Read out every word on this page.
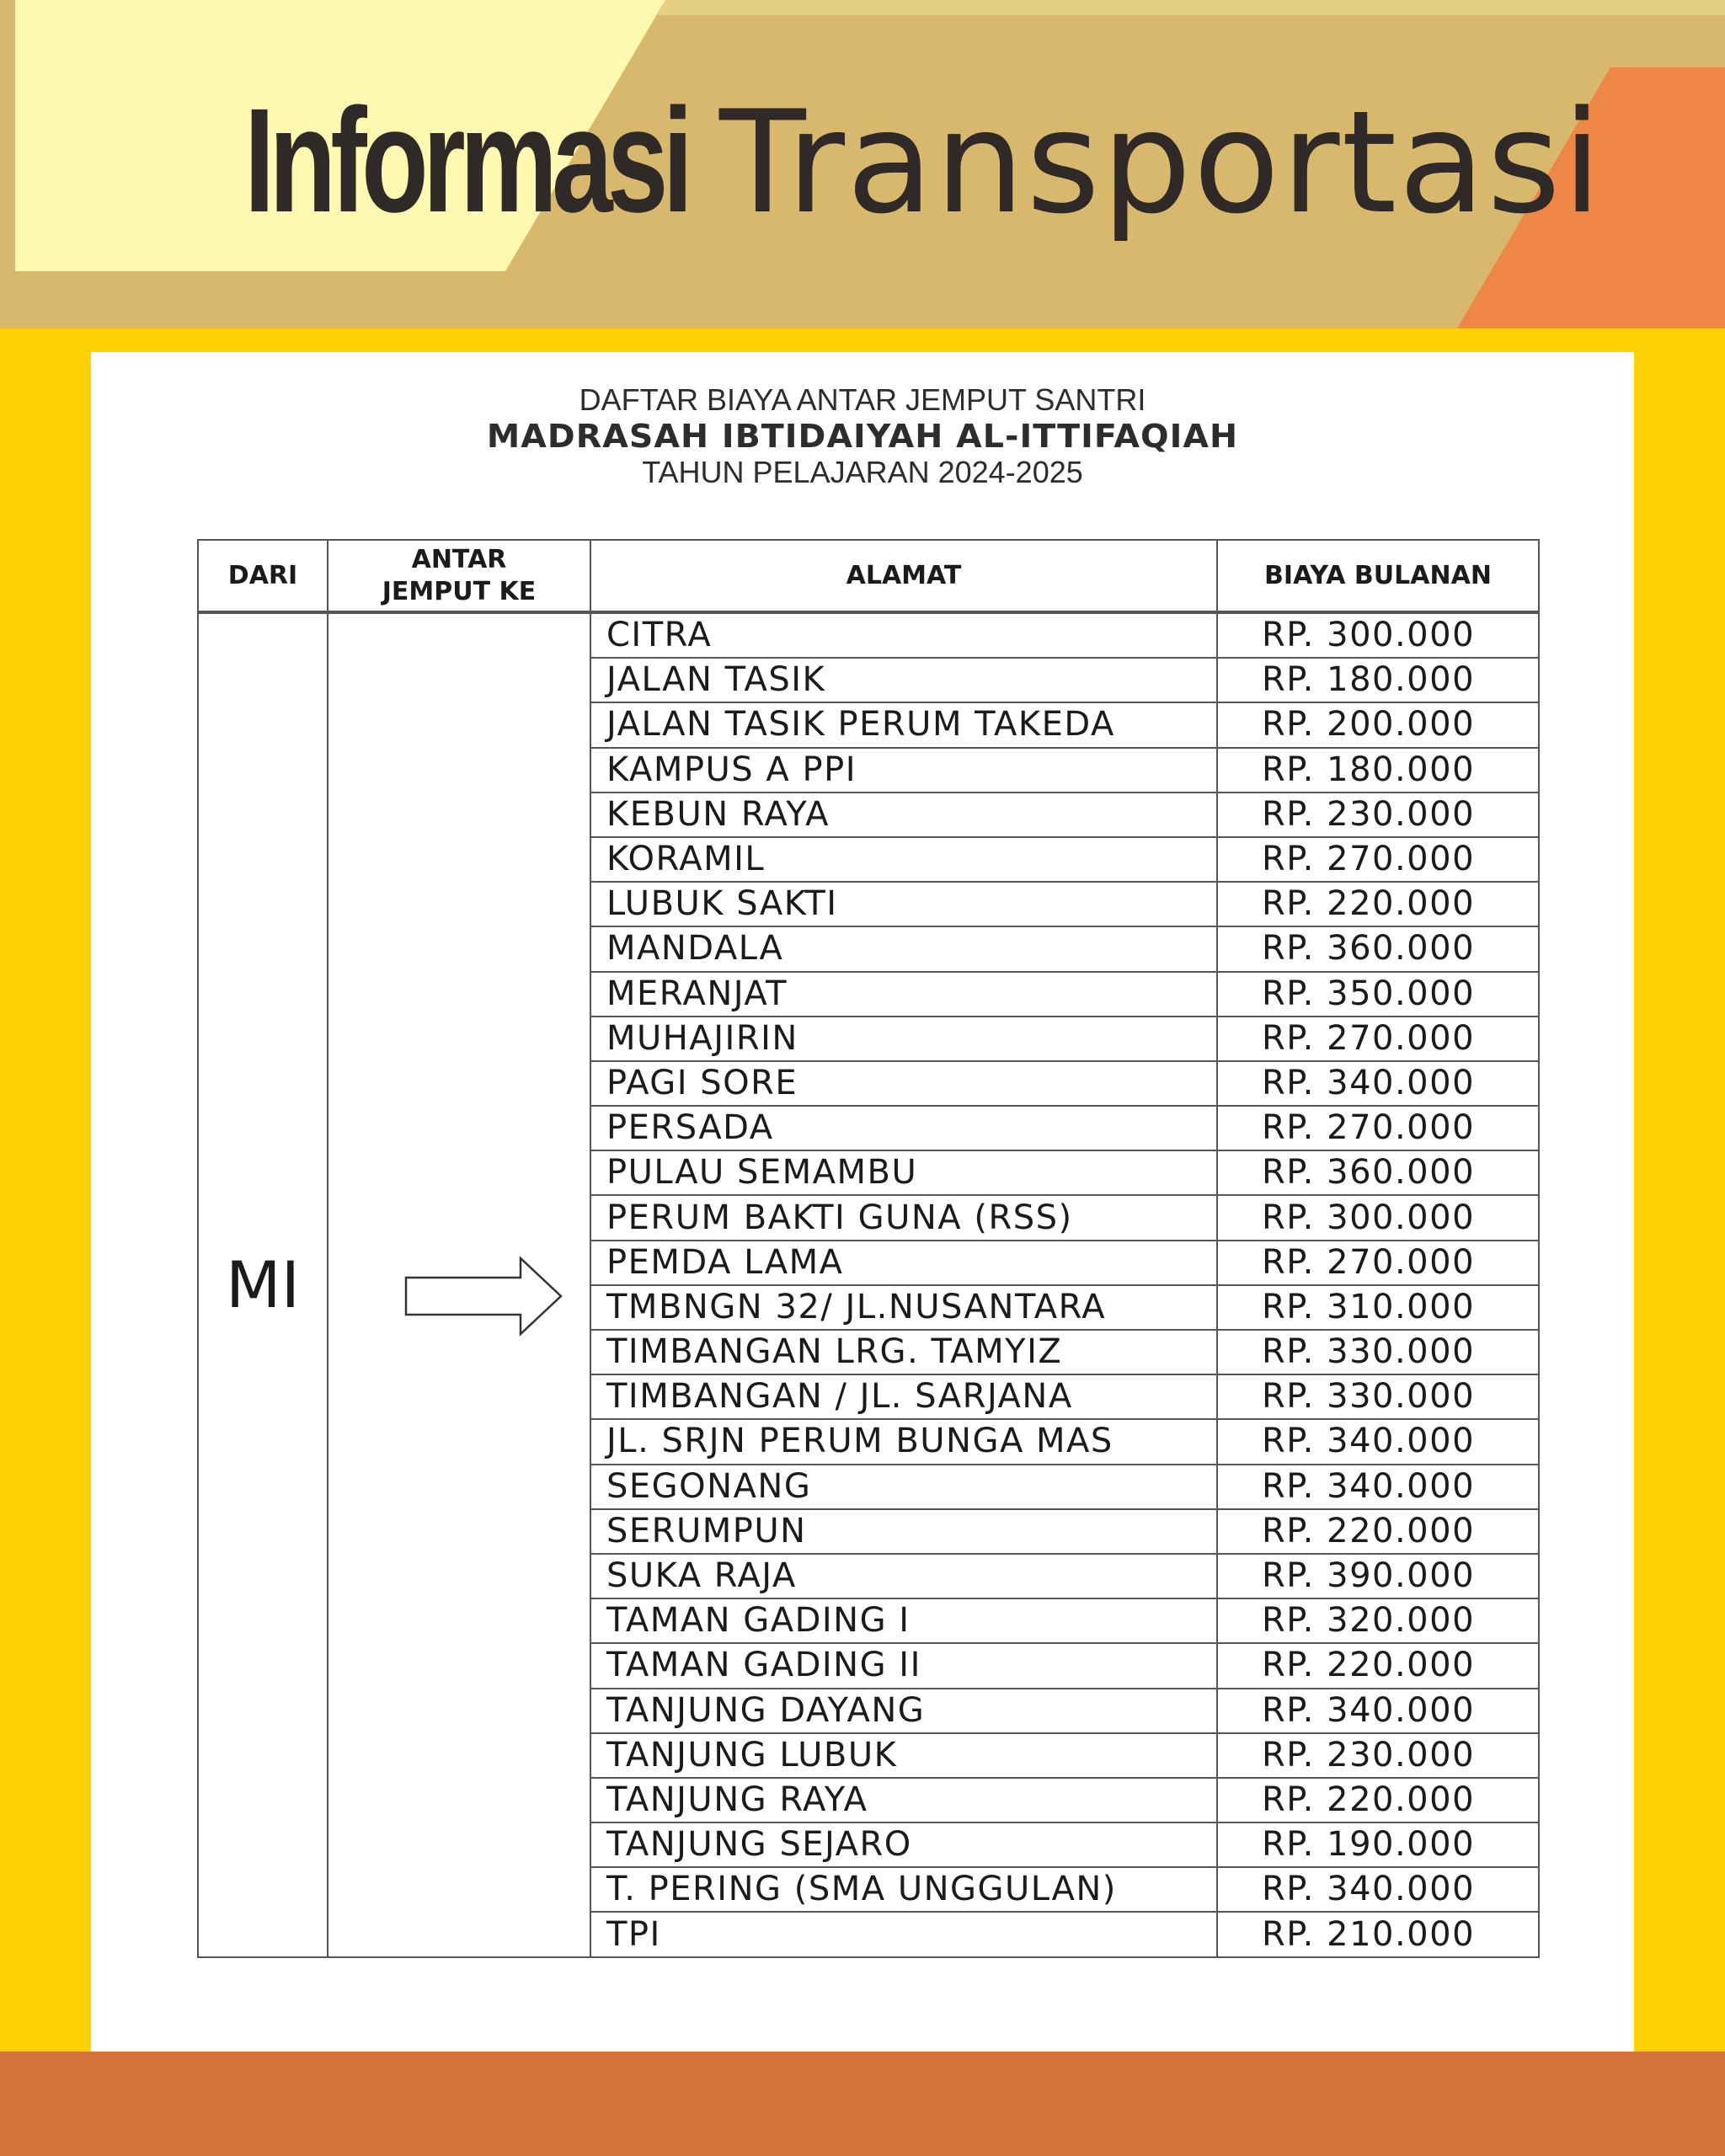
Informasi Transportasi
DAFTAR BIAYA ANTAR JEMPUT SANTRI
MADRASAH IBTIDAIYAH AL-ITTIFAQIAH
TAHUN PELAJARAN 2024-2025
DARI	ANTAR JEMPUT KE	ALAMAT	BIAYA BULANAN
MI		CITRA	RP. 300.000
		JALAN TASIK	RP. 180.000
		JALAN TASIK PERUM TAKEDA	RP. 200.000
		KAMPUS A PPI	RP. 180.000
		KEBUN RAYA	RP. 230.000
		KORAMIL	RP. 270.000
		LUBUK SAKTI	RP. 220.000
		MANDALA	RP. 360.000
		MERANJAT	RP. 350.000
		MUHAJIRIN	RP. 270.000
		PAGI SORE	RP. 340.000
		PERSADA	RP. 270.000
		PULAU SEMAMBU	RP. 360.000
		PERUM BAKTI GUNA (RSS)	RP. 300.000
		PEMDA LAMA	RP. 270.000
		TMBNGN 32/ JL.NUSANTARA	RP. 310.000
		TIMBANGAN LRG. TAMYIZ	RP. 330.000
		TIMBANGAN / JL. SARJANA	RP. 330.000
		JL. SRJN PERUM BUNGA MAS	RP. 340.000
		SEGONANG	RP. 340.000
		SERUMPUN	RP. 220.000
		SUKA RAJA	RP. 390.000
		TAMAN GADING I	RP. 320.000
		TAMAN GADING II	RP. 220.000
		TANJUNG DAYANG	RP. 340.000
		TANJUNG LUBUK	RP. 230.000
		TANJUNG RAYA	RP. 220.000
		TANJUNG SEJARO	RP. 190.000
		T. PERING (SMA UNGGULAN)	RP. 340.000
		TPI	RP. 210.000
